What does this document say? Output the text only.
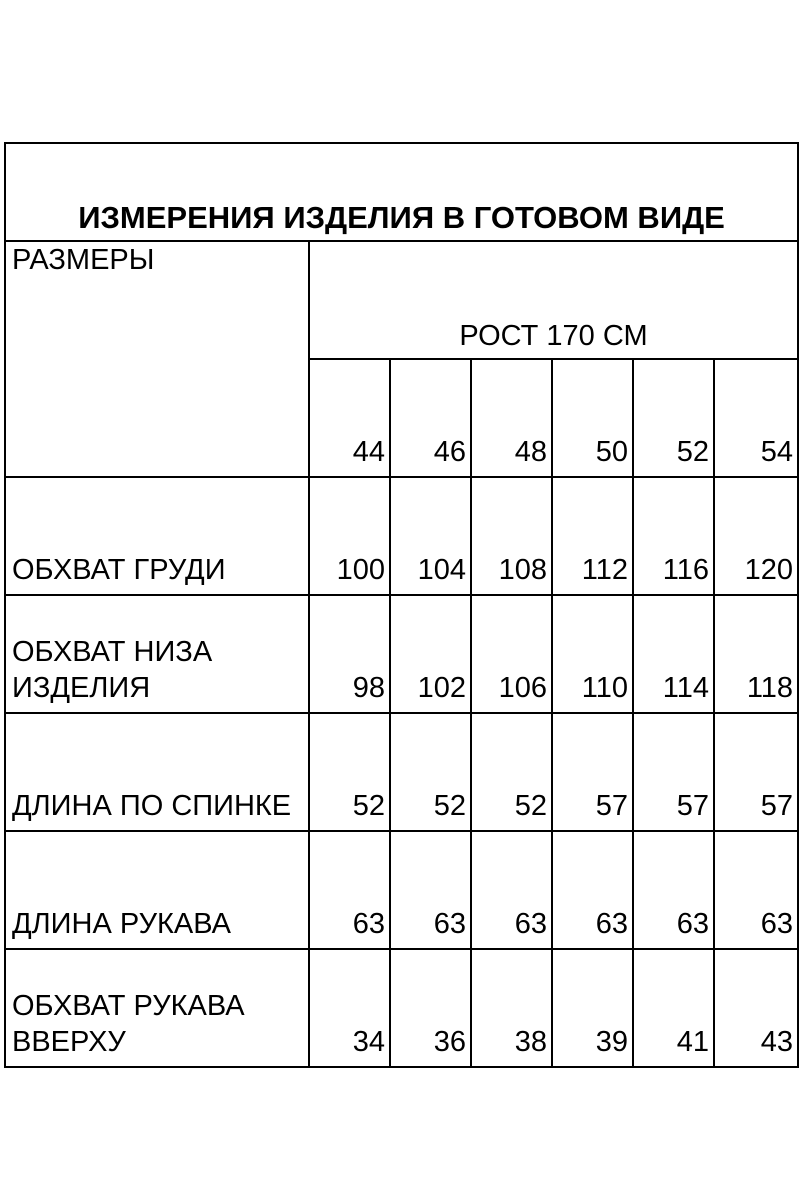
ИЗМЕРЕНИЯ ИЗДЕЛИЯ В ГОТОВОМ ВИДЕ						
РАЗМЕРЫ	РОСТ 170 СМ					
	44	46	48	50	52	54
ОБХВАТ ГРУДИ	100	104	108	112	116	120
ОБХВАТ НИЗА ИЗДЕЛИЯ	98	102	106	110	114	118
ДЛИНА ПО СПИНКЕ	52	52	52	57	57	57
ДЛИНА РУКАВА	63	63	63	63	63	63
ОБХВАТ РУКАВА ВВЕРХУ	34	36	38	39	41	43
